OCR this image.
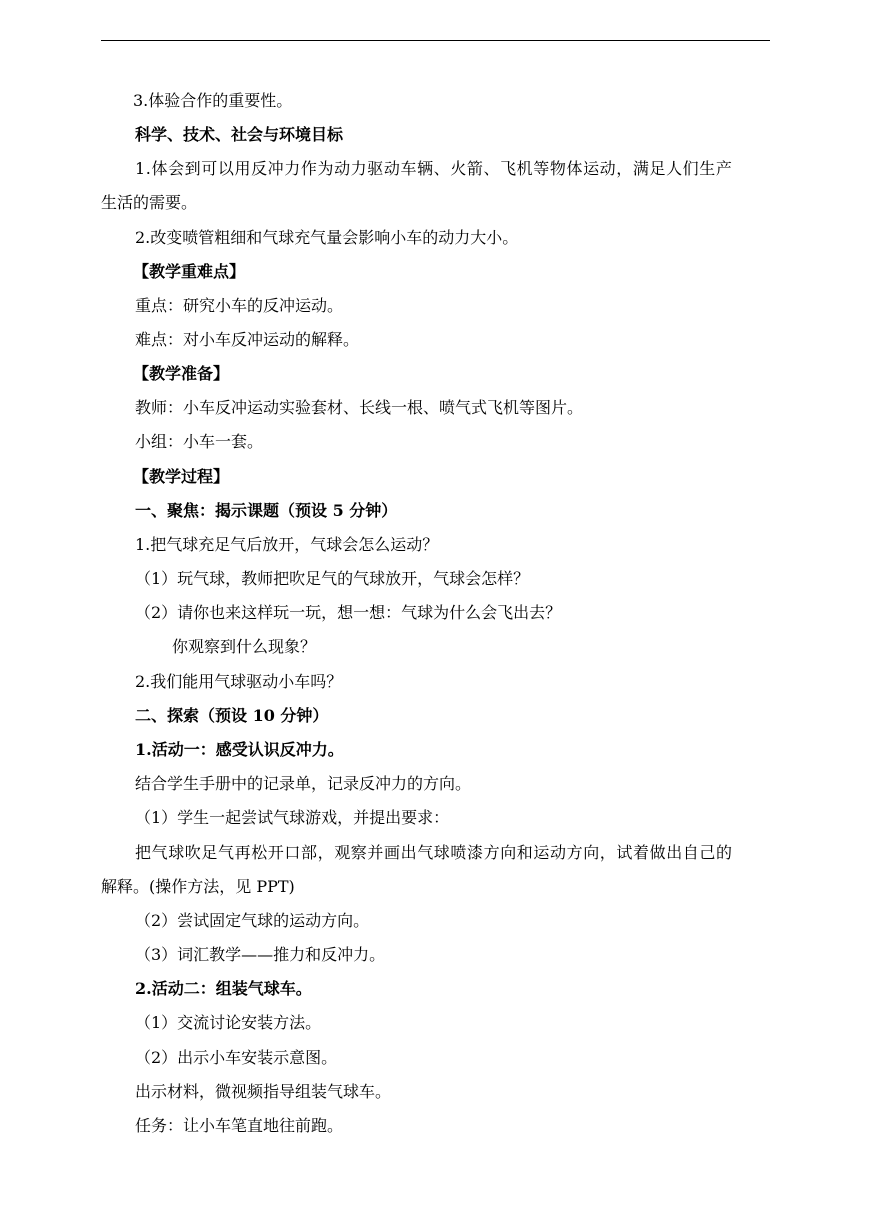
3.体验合作的重要性。
科学、技术、社会与环境目标
1.体会到可以用反冲力作为动力驱动车辆、火箭、飞机等物体运动，满足人们生产
生活的需要。
2.改变喷管粗细和气球充气量会影响小车的动力大小。
【教学重难点】
重点：研究小车的反冲运动。
难点：对小车反冲运动的解释。
【教学准备】
教师：小车反冲运动实验套材、长线一根、喷气式飞机等图片。
小组：小车一套。
【教学过程】
一、聚焦：揭示课题（预设 5 分钟）
1.把气球充足气后放开，气球会怎么运动？
（1）玩气球，教师把吹足气的气球放开，气球会怎样？
（2）请你也来这样玩一玩，想一想：气球为什么会飞出去？
你观察到什么现象？
2.我们能用气球驱动小车吗？
二、探索（预设 10 分钟）
1.活动一：感受认识反冲力。
结合学生手册中的记录单，记录反冲力的方向。
（1）学生一起尝试气球游戏，并提出要求：
把气球吹足气再松开口部，观察并画出气球喷漆方向和运动方向，试着做出自己的
解释。(操作方法，见 PPT)
（2）尝试固定气球的运动方向。
（3）词汇教学——推力和反冲力。
2.活动二：组装气球车。
（1）交流讨论安装方法。
（2）出示小车安装示意图。
出示材料，微视频指导组装气球车。
任务：让小车笔直地往前跑。
